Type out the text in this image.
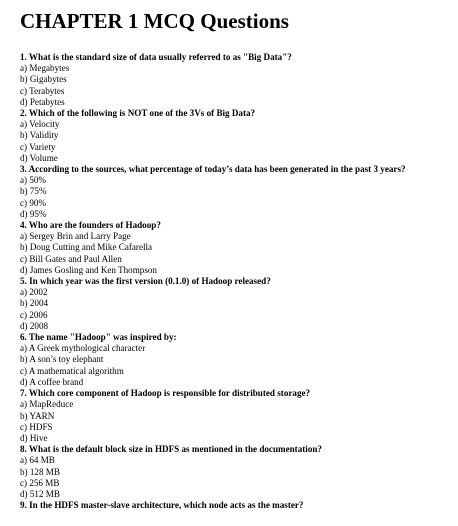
CHAPTER 1 MCQ Questions
1. What is the standard size of data usually referred to as "Big Data"?
a) Megabytes
b) Gigabytes
c) Terabytes
d) Petabytes
2. Which of the following is NOT one of the 3Vs of Big Data?
a) Velocity
b) Validity
c) Variety
d) Volume
3. According to the sources, what percentage of today’s data has been generated in the past 3 years?
a) 50%
b) 75%
c) 90%
d) 95%
4. Who are the founders of Hadoop?
a) Sergey Brin and Larry Page
b) Doug Cutting and Mike Cafarella
c) Bill Gates and Paul Allen
d) James Gosling and Ken Thompson
5. In which year was the first version (0.1.0) of Hadoop released?
a) 2002
b) 2004
c) 2006
d) 2008
6. The name "Hadoop" was inspired by:
a) A Greek mythological character
b) A son’s toy elephant
c) A mathematical algorithm
d) A coffee brand
7. Which core component of Hadoop is responsible for distributed storage?
a) MapReduce
b) YARN
c) HDFS
d) Hive
8. What is the default block size in HDFS as mentioned in the documentation?
a) 64 MB
b) 128 MB
c) 256 MB
d) 512 MB
9. In the HDFS master-slave architecture, which node acts as the master?
